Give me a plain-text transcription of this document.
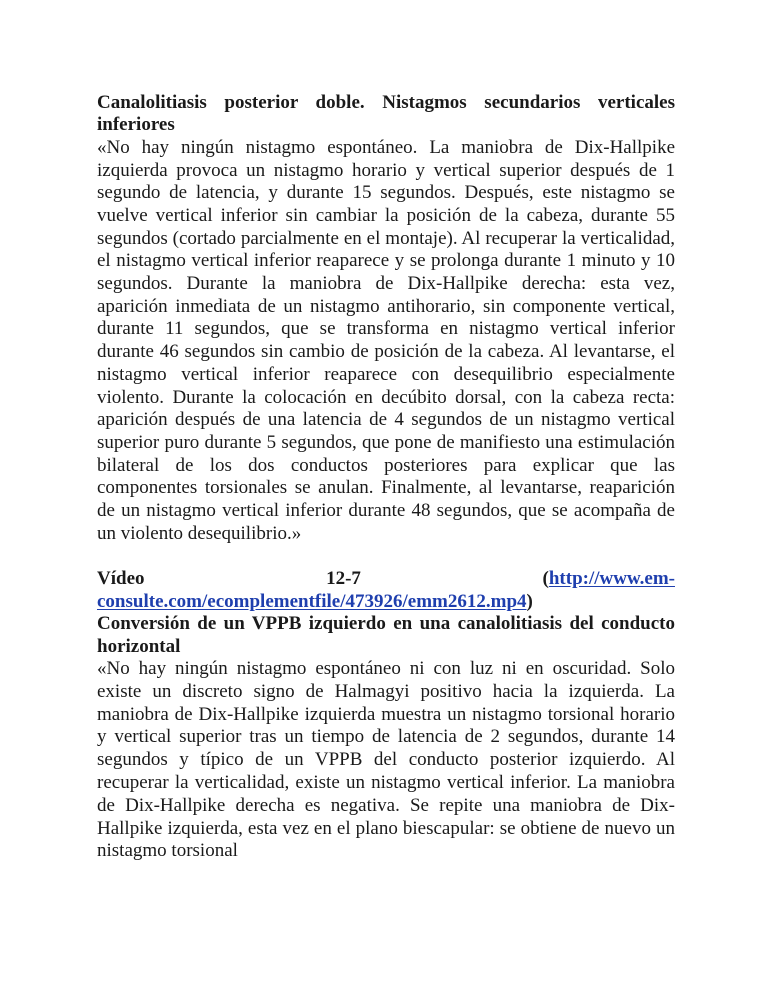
Canalolitiasis posterior doble. Nistagmos secundarios verticales inferiores

«No hay ningún nistagmo espontáneo. La maniobra de Dix-Hallpike izquierda provoca un nistagmo horario y vertical superior después de 1 segundo de latencia, y durante 15 segundos. Después, este nistagmo se vuelve vertical inferior sin cambiar la posición de la cabeza, durante 55 segundos (cortado parcialmente en el montaje). Al recuperar la verticalidad, el nistagmo vertical inferior reaparece y se prolonga durante 1 minuto y 10 segundos. Durante la maniobra de Dix-Hallpike derecha: esta vez, aparición inmediata de un nistagmo antihorario, sin componente vertical, durante 11 segundos, que se transforma en nistagmo vertical inferior durante 46 segundos sin cambio de posición de la cabeza. Al levantarse, el nistagmo vertical inferior reaparece con desequilibrio especialmente violento. Durante la colocación en decúbito dorsal, con la cabeza recta: aparición después de una latencia de 4 segundos de un nistagmo vertical superior puro durante 5 segundos, que pone de manifiesto una estimulación bilateral de los dos conductos posteriores para explicar que las componentes torsionales se anulan. Finalmente, al levantarse, reaparición de un nistagmo vertical inferior durante 48 segundos, que se acompaña de un violento desequilibrio.»

Vídeo	12-7	(http://www.em-

consulte.com/ecomplementfile/473926/emm2612.mp4)

Conversión de un VPPB izquierdo en una canalolitiasis del conducto horizontal

«No hay ningún nistagmo espontáneo ni con luz ni en oscuridad. Solo existe un discreto signo de Halmagyi positivo hacia la izquierda. La maniobra de Dix-Hallpike izquierda muestra un nistagmo torsional horario y vertical superior tras un tiempo de latencia de 2 segundos, durante 14 segundos y típico de un VPPB del conducto posterior izquierdo. Al recuperar la verticalidad, existe un nistagmo vertical inferior. La maniobra de Dix-Hallpike derecha es negativa. Se repite una maniobra de Dix-Hallpike izquierda, esta vez en el plano biescapular: se obtiene de nuevo un nistagmo torsional
